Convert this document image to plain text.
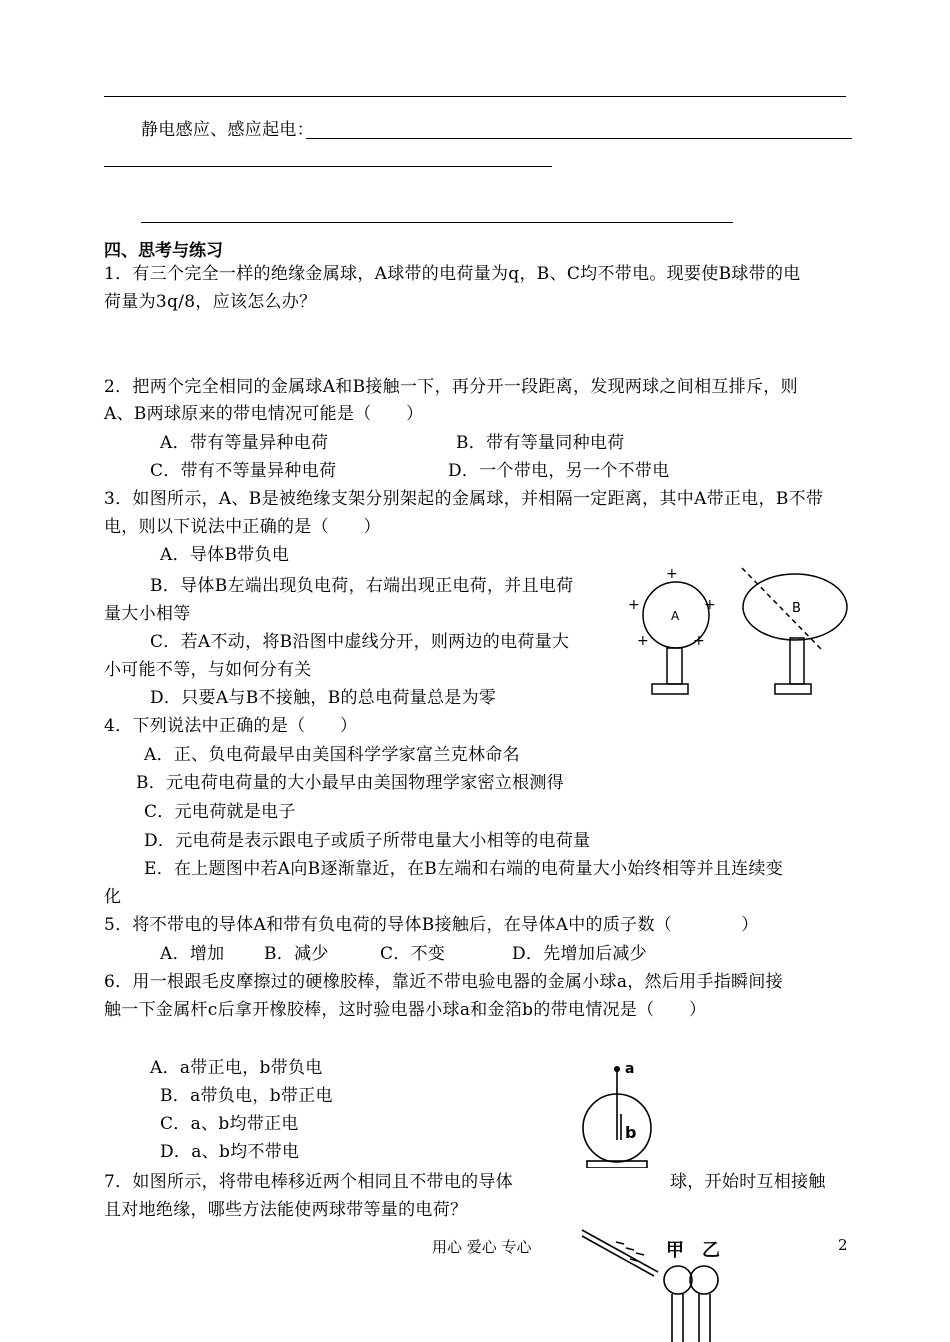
静电感应、感应起电：
四、思考与练习
1．有三个完全一样的绝缘金属球，A球带的电荷量为q，B、C均不带电。现要使B球带的电
荷量为3q/8，应该怎么办？
2．把两个完全相同的金属球A和B接触一下，再分开一段距离，发现两球之间相互排斥，则
A、B两球原来的带电情况可能是（　　）
A．带有等量异种电荷	B．带有等量同种电荷
C．带有不等量异种电荷	D．一个带电，另一个不带电
3．如图所示，A、B是被绝缘支架分别架起的金属球，并相隔一定距离，其中A带正电，B不带
电，则以下说法中正确的是（　　）
A．导体B带负电
B．导体B左端出现负电荷，右端出现正电荷，并且电荷
量大小相等
C．若A不动，将B沿图中虚线分开，则两边的电荷量大
小可能不等，与如何分有关
D．只要A与B不接触，B的总电荷量总是为零
A	B
+
+	+
+	+
4．下列说法中正确的是（　　）
A．正、负电荷最早由美国科学学家富兰克林命名
B．元电荷电荷量的大小最早由美国物理学家密立根测得
C．元电荷就是电子
D．元电荷是表示跟电子或质子所带电量大小相等的电荷量
E．在上题图中若A向B逐渐靠近，在B左端和右端的电荷量大小始终相等并且连续变
化
5．将不带电的导体A和带有负电荷的导体B接触后，在导体A中的质子数（　　　　）
A．增加 B．减少	C．不变	D．先增加后减少
6．用一根跟毛皮摩擦过的硬橡胶棒，靠近不带电验电器的金属小球a，然后用手指瞬间接
触一下金属杆c后拿开橡胶棒，这时验电器小球a和金箔b的带电情况是（　　）
A．a带正电，b带负电
B．a带负电，b带正电
C．a、b均带正电
D．a、b均不带电
a
b
7．如图所示，将带电棒移近两个相同且不带电的导体	球，开始时互相接触
且对地绝缘，哪些方法能使两球带等量的电荷？
甲 乙
用心 爱心 专心	2
